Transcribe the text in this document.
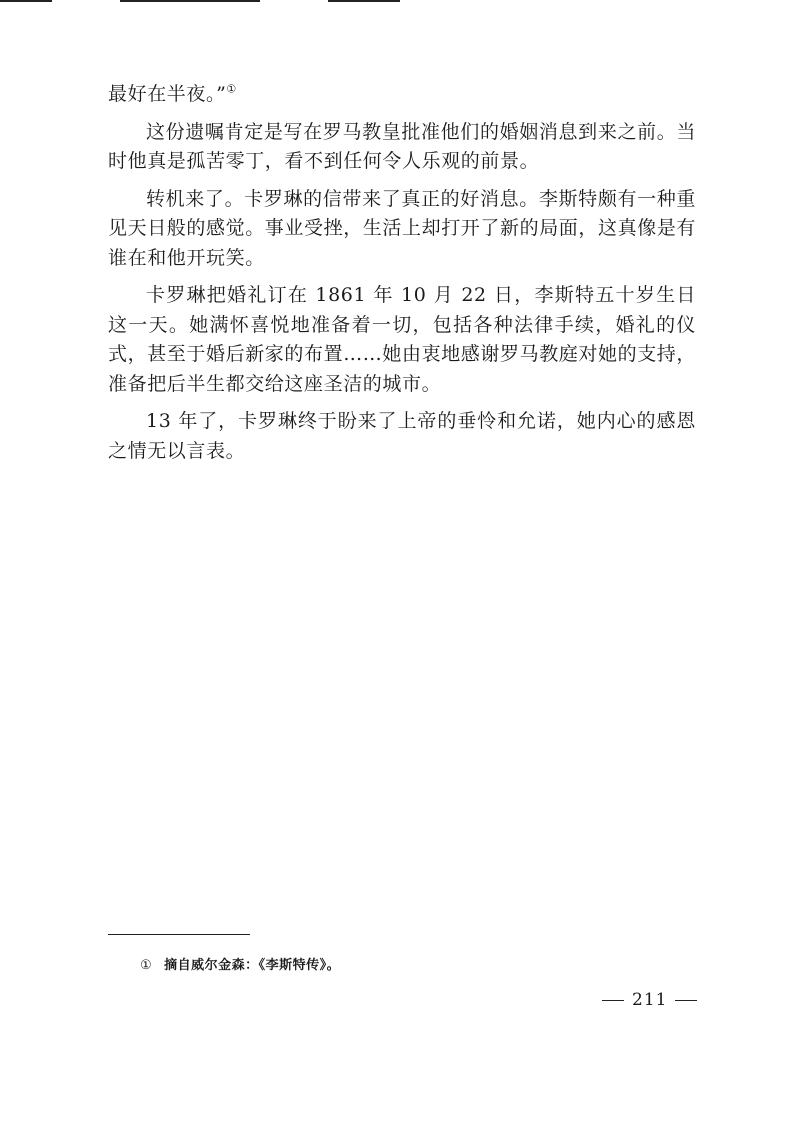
最好在半夜。”①

这份遗嘱肯定是写在罗马教皇批准他们的婚姻消息到来之前。当时他真是孤苦零丁，看不到任何令人乐观的前景。

转机来了。卡罗琳的信带来了真正的好消息。李斯特颇有一种重见天日般的感觉。事业受挫，生活上却打开了新的局面，这真像是有谁在和他开玩笑。

卡罗琳把婚礼订在 1861 年 10 月 22 日，李斯特五十岁生日这一天。她满怀喜悦地准备着一切，包括各种法律手续，婚礼的仪式，甚至于婚后新家的布置……她由衷地感谢罗马教庭对她的支持，准备把后半生都交给这座圣洁的城市。

13 年了，卡罗琳终于盼来了上帝的垂怜和允诺，她内心的感恩之情无以言表。

① 摘自威尔金森：《李斯特传》。
211
